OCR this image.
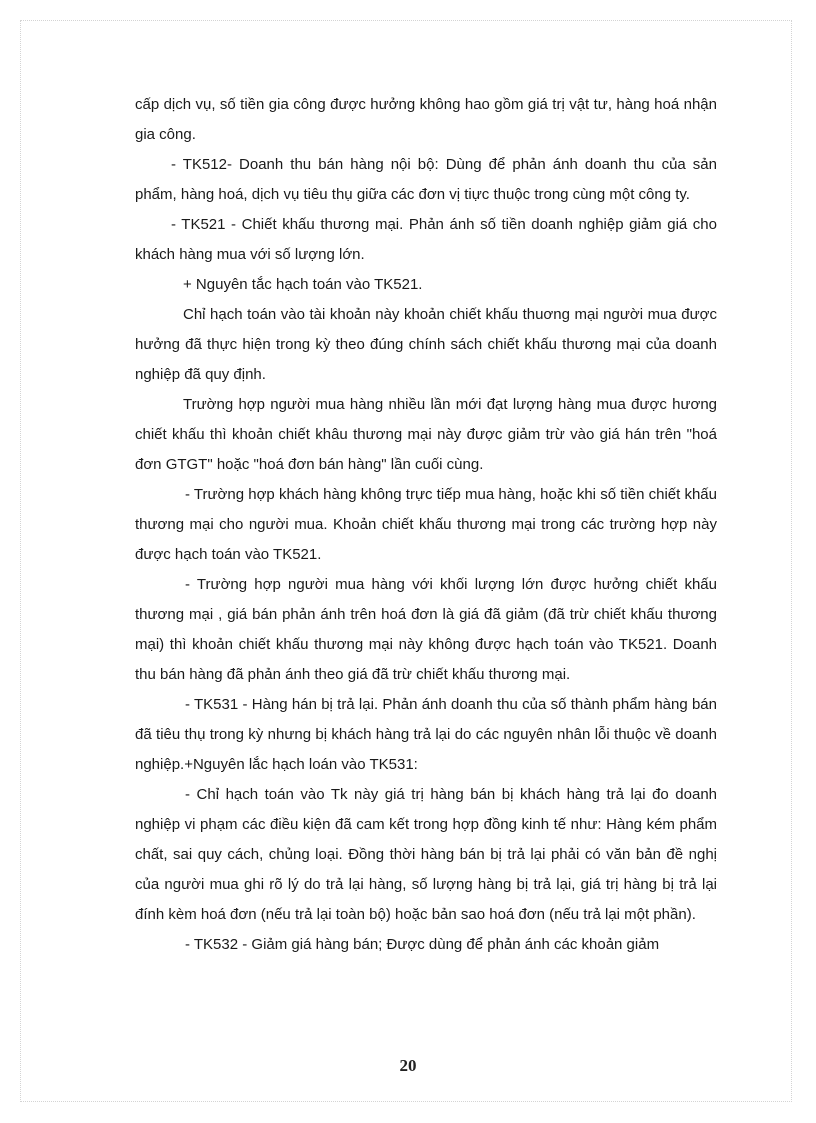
cấp dịch vụ, số tiền gia công được hưởng không hao gồm giá trị vật tư, hàng hoá nhận gia công.

- TK512- Doanh thu bán hàng nội bộ: Dùng để phản ánh doanh thu của sản phẩm, hàng hoá, dịch vụ tiêu thụ giữa các đơn vị tiực thuộc trong cùng một công ty.

- TK521 - Chiết khấu thương mại. Phản ánh số tiền doanh nghiệp giảm giá cho khách hàng mua với số lượng lớn.

+ Nguyên tắc hạch toán vào TK521.

Chỉ hạch toán vào tài khoản này khoản chiết khấu thuơng mại người mua được hưởng đã thực hiện trong kỳ theo đúng chính sách chiết khấu thương mại của doanh nghiệp đã quy định.

Trường hợp người mua hàng nhiều lần mới đạt lượng hàng mua được hương chiết khấu thì khoản chiết khâu thương mại này được giảm trừ vào giá hán trên "hoá đơn GTGT" hoặc "hoá đơn bán hàng" lần cuối cùng.

- Trường hợp khách hàng không trực tiếp mua hàng, hoặc khi số tiền chiết khấu thương mại cho người mua. Khoản chiết khấu thương mại trong các trường hợp này được hạch toán vào TK521.

- Trường hợp người mua hàng với khối lượng lớn được hưởng chiết khấu thương mại , giá bán phản ánh trên hoá đơn là giá đã giảm (đã trừ chiết khấu thương mại) thì khoản chiết khấu thương mại này không được hạch toán vào TK521. Doanh thu bán hàng đã phản ánh theo giá đã trừ chiết khấu thương mại.

- TK531 - Hàng hán bị trả lại. Phản ánh doanh thu của số thành phẩm hàng bán đã tiêu thụ trong kỳ nhưng bị khách hàng trả lại do các nguyên nhân lỗi thuộc về doanh nghiệp.+Nguyên lắc hạch loán vào TK531:

- Chỉ hạch toán vào Tk này giá trị hàng bán bị khách hàng trả lại đo doanh nghiệp vi phạm các điều kiện đã cam kết trong hợp đồng kinh tế như: Hàng kém phẩm chất, sai quy cách, chủng loại. Đồng thời hàng bán bị trả lại phải có văn bản đề nghị của người mua ghi rõ lý do trả lại hàng, số lượng hàng bị trả lại, giá trị hàng bị trả lại đính kèm hoá đơn (nếu trả lại toàn bộ) hoặc bản sao hoá đơn (nếu trả lại một phần).

- TK532 - Giảm giá hàng bán; Được dùng để phản ánh các khoản giảm

20
